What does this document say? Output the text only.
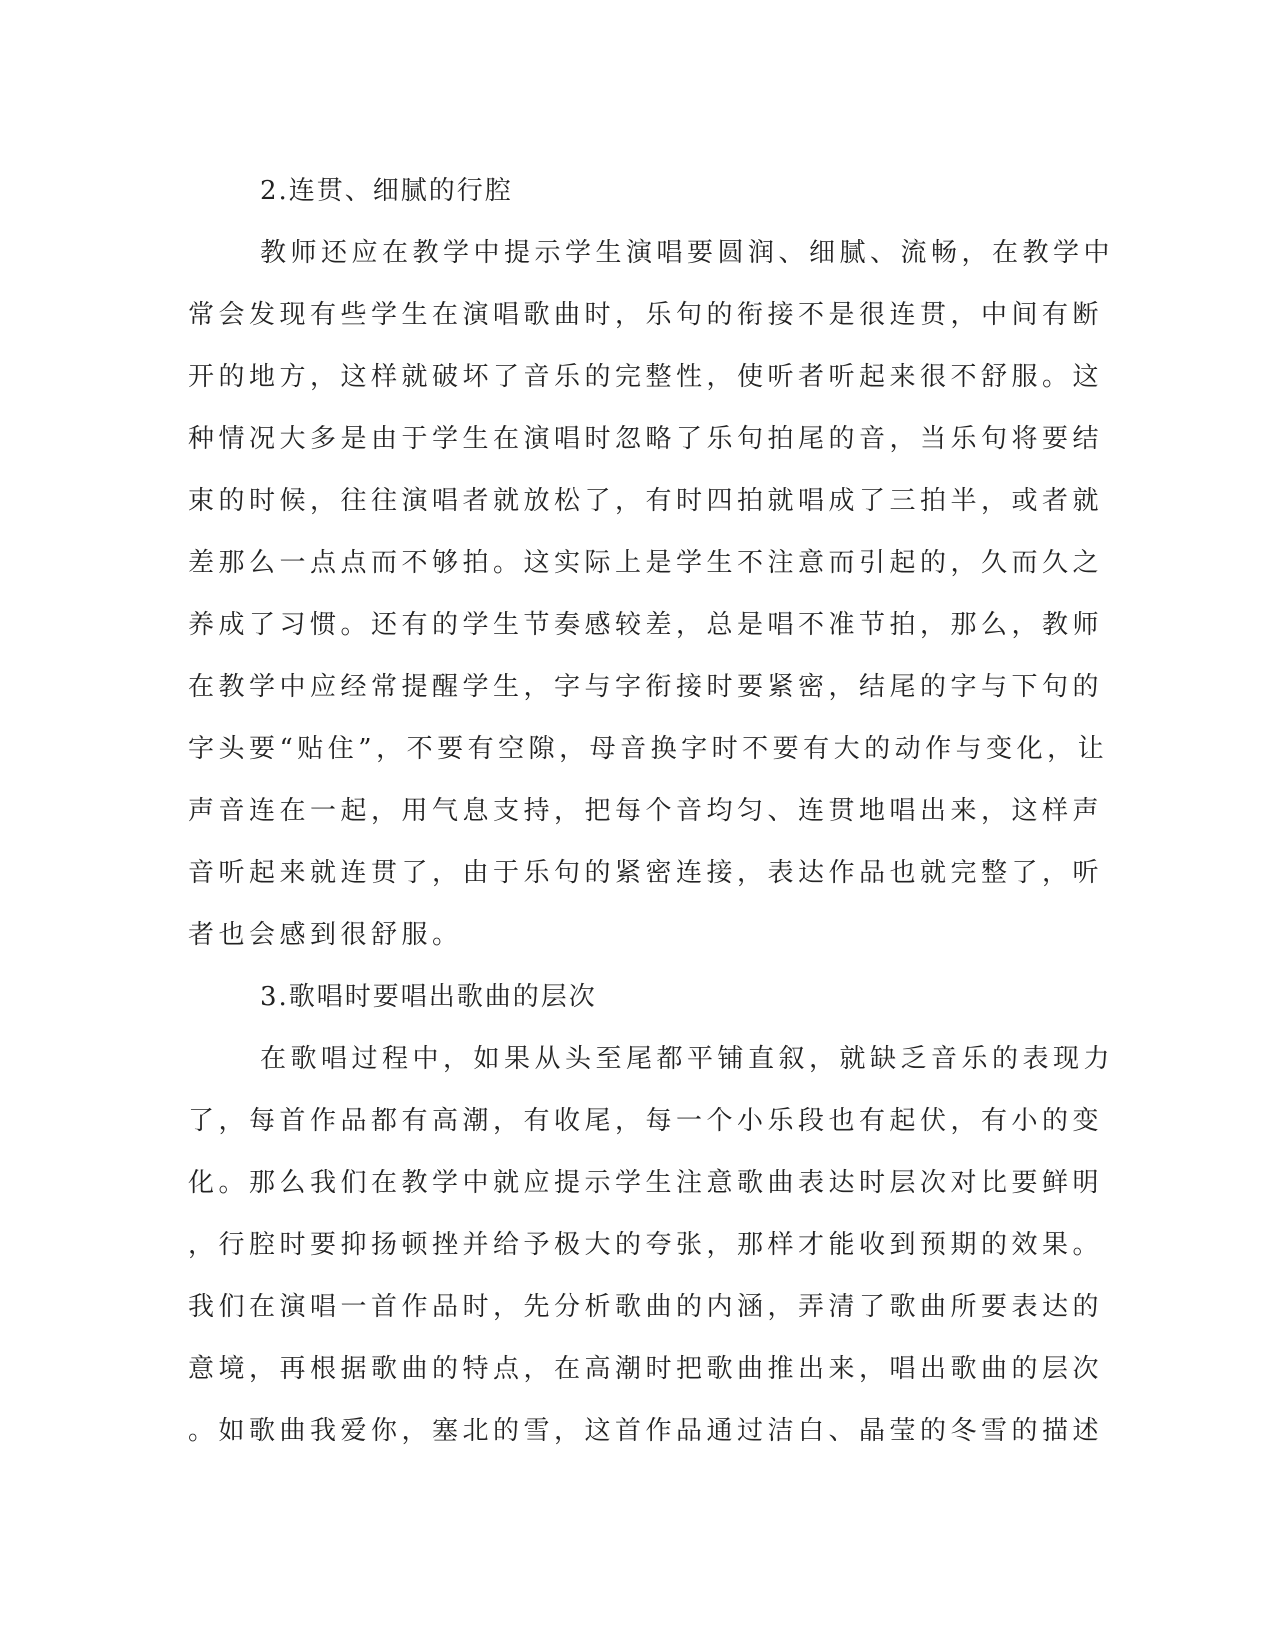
2.连贯、细腻的行腔
教师还应在教学中提示学生演唱要圆润、细腻、流畅，在教学中
常会发现有些学生在演唱歌曲时，乐句的衔接不是很连贯，中间有断
开的地方，这样就破坏了音乐的完整性，使听者听起来很不舒服。这
种情况大多是由于学生在演唱时忽略了乐句拍尾的音，当乐句将要结
束的时候，往往演唱者就放松了，有时四拍就唱成了三拍半，或者就
差那么一点点而不够拍。这实际上是学生不注意而引起的，久而久之
养成了习惯。还有的学生节奏感较差，总是唱不准节拍，那么，教师
在教学中应经常提醒学生，字与字衔接时要紧密，结尾的字与下句的
字头要“贴住”，不要有空隙，母音换字时不要有大的动作与变化，让
声音连在一起，用气息支持，把每个音均匀、连贯地唱出来，这样声
音听起来就连贯了，由于乐句的紧密连接，表达作品也就完整了，听
者也会感到很舒服。
3.歌唱时要唱出歌曲的层次
在歌唱过程中，如果从头至尾都平铺直叙，就缺乏音乐的表现力
了，每首作品都有高潮，有收尾，每一个小乐段也有起伏，有小的变
化。那么我们在教学中就应提示学生注意歌曲表达时层次对比要鲜明
，行腔时要抑扬顿挫并给予极大的夸张，那样才能收到预期的效果。
我们在演唱一首作品时，先分析歌曲的内涵，弄清了歌曲所要表达的
意境，再根据歌曲的特点，在高潮时把歌曲推出来，唱出歌曲的层次
。如歌曲我爱你，塞北的雪，这首作品通过洁白、晶莹的冬雪的描述
